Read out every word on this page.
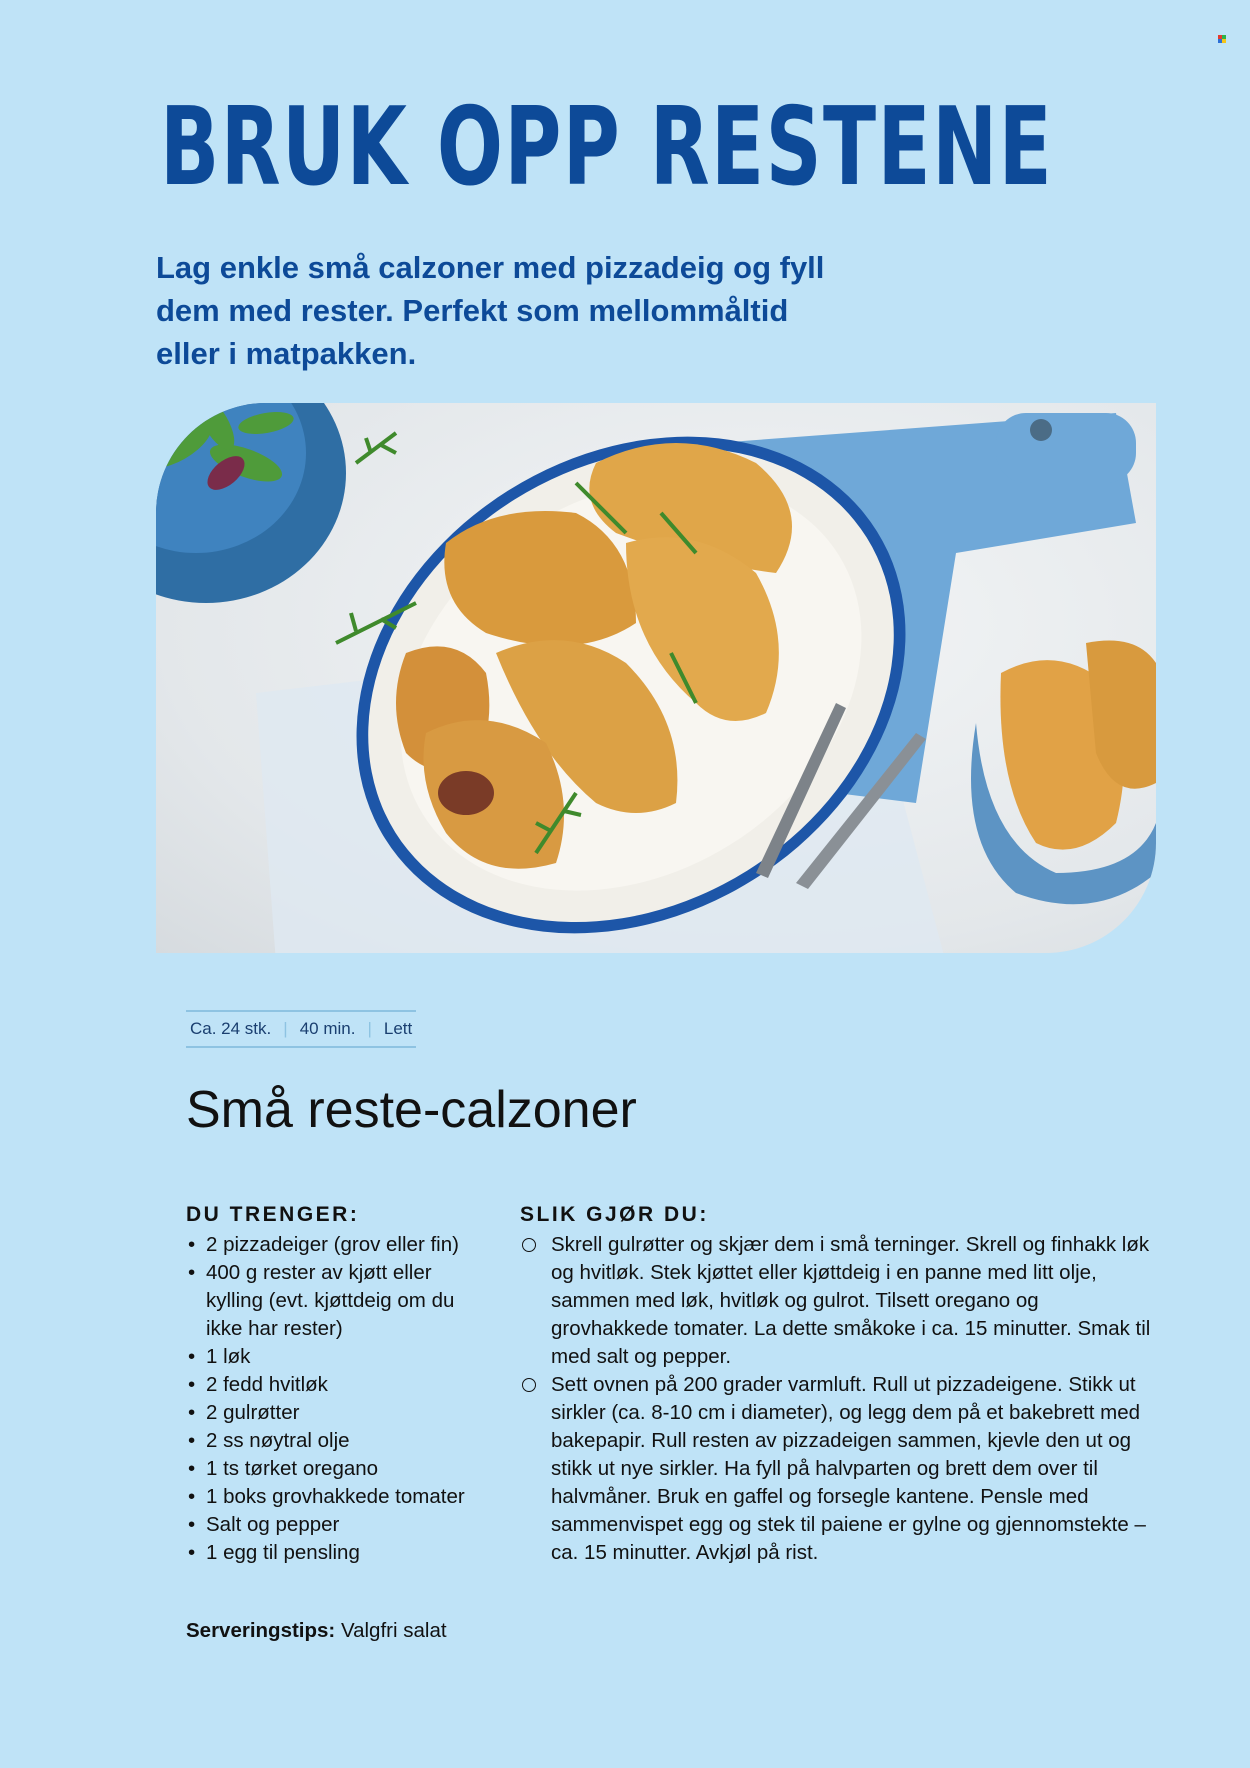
BRUK OPP RESTENE

Lag enkle små calzoner med pizzadeig og fyll dem med rester. Perfekt som mellommåltid eller i matpakken.

Ca. 24 stk. | 40 min. | Lett
Små reste-calzoner
DU TRENGER:
• 2 pizzadeiger (grov eller fin)
• 400 g rester av kjøtt eller kylling (evt. kjøttdeig om du ikke har rester)
• 1 løk
• 2 fedd hvitløk
• 2 gulrøtter
• 2 ss nøytral olje
• 1 ts tørket oregano
• 1 boks grovhakkede tomater
• Salt og pepper
• 1 egg til pensling
SLIK GJØR DU:
Skrell gulrøtter og skjær dem i små terninger. Skrell og finhakk løk og hvitløk. Stek kjøttet eller kjøttdeig i en panne med litt olje, sammen med løk, hvitløk og gulrot. Tilsett oregano og grovhakkede tomater. La dette småkoke i ca. 15 minutter. Smak til med salt og pepper.
Sett ovnen på 200 grader varmluft. Rull ut pizzadeigene. Stikk ut sirkler (ca. 8-10 cm i diameter), og legg dem på et bakebrett med bakepapir. Rull resten av pizzadeigen sammen, kjevle den ut og stikk ut nye sirkler. Ha fyll på halvparten og brett dem over til halvmåner. Bruk en gaffel og forsegle kantene. Pensle med sammenvispet egg og stek til paiene er gylne og gjennomstekte – ca. 15 minutter. Avkjøl på rist.
Serveringstips: Valgfri salat
